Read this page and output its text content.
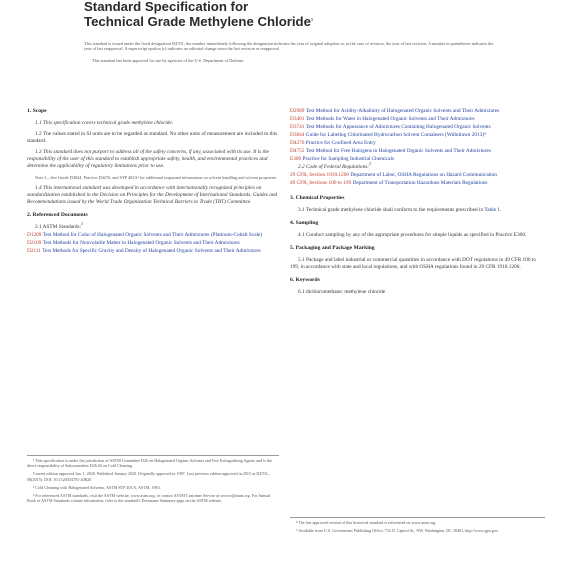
Standard Specification for
Technical Grade Methylene Chloride$^1$

This standard is issued under the fixed designation D4701; the number immediately following the designation indicates the year of original adoption or, in the case of revision, the year of last revision. A number in parentheses indicates the year of last reapproval. A superscript epsilon (ε) indicates an editorial change since the last revision or reapproval.

This standard has been approved for use by agencies of the U.S. Department of Defense.

1. Scope

1.1 This specification covers technical grade methylene chloride.

1.2 The values stated in SI units are to be regarded as standard. No other units of measurement are included in this standard.

1.3 This standard does not purport to address all of the safety concerns, if any, associated with its use. It is the responsibility of the user of this standard to establish appropriate safety, health, and environmental practices and determine the applicability of regulatory limitations prior to use.

Note 1—See Guide D3844, Practice D4276, and STP 403A² for additional important information on solvent handling and solvent properties.

1.4 This international standard was developed in accordance with internationally recognized principles on standardization established in the Decision on Principles for the Development of International Standards, Guides and Recommendations issued by the World Trade Organization Technical Barriers to Trade (TBT) Committee.

2. Referenced Documents

2.1 ASTM Standards:$^3$

D1209 Test Method for Color of Halogenated Organic Solvents and Their Admixtures (Platinum-Cobalt Scale)

D2109 Test Methods for Nonvolatile Matter in Halogenated Organic Solvents and Their Admixtures

D2111 Test Methods for Specific Gravity and Density of Halogenated Organic Solvents and Their Admixtures

¹ This specification is under the jurisdiction of ASTM Committee D26 on Halogenated Organic Solvents and Fire Extinguishing Agents and is the direct responsibility of Subcommittee D26.04 on Cold Cleaning.

Current edition approved Jan. 1, 2020. Published January 2020. Originally approved in 1987. Last previous edition approved in 2015 as D4701–08(2015). DOI: 10.1520/D4701-20R20.

² Cold Cleaning with Halogenated Solvents, ASTM STP 403 A, ASTM, 1983.

³ For referenced ASTM standards, visit the ASTM website, www.astm.org, or contact ASTM Customer Service at service@astm.org. For Annual Book of ASTM Standards volume information, refer to the standard's Document Summary page on the ASTM website.

D2989 Test Method for Acidity-Alkalinity of Halogenated Organic Solvents and Their Admixtures

D3401 Test Methods for Water in Halogenated Organic Solvents and Their Admixtures

D3741 Test Methods for Appearance of Admixtures Containing Halogenated Organic Solvents

D3844 Guide for Labeling Chlorinated Hydrocarbon Solvent Containers (Withdrawn 2013)⁴

D4276 Practice for Confined Area Entry

D4755 Test Method for Free Halogens in Halogenated Organic Solvents and Their Admixtures

E300 Practice for Sampling Industrial Chemicals

2.2 Code of Federal Regulations:$^5$

29 CFR, Section 1910.1200 Department of Labor, OSHA Regulations on Hazard Communication

49 CFR, Sections 100 to 199 Department of Transportation Hazardous Materials Regulations

3. Chemical Properties

3.1 Technical grade methylene chloride shall conform to the requirements prescribed in Table 1.

4. Sampling

4.1 Conduct sampling by any of the appropriate procedures for simple liquids as specified in Practice E300.

5. Packaging and Package Marking

5.1 Package and label industrial or commercial quantities in accordance with DOT regulations in 49 CFR 100 to 199, in accordance with state and local regulations, and with OSHA regulations found in 29 CFR 1910.1200.

6. Keywords

6.1 dichloromethane; methylene chloride

⁴ The last approved version of this historical standard is referenced on www.astm.org.

⁵ Available from U.S. Government Publishing Office, 732 N. Capitol St., NW, Washington, DC 20401, http://www.gpo.gov.
